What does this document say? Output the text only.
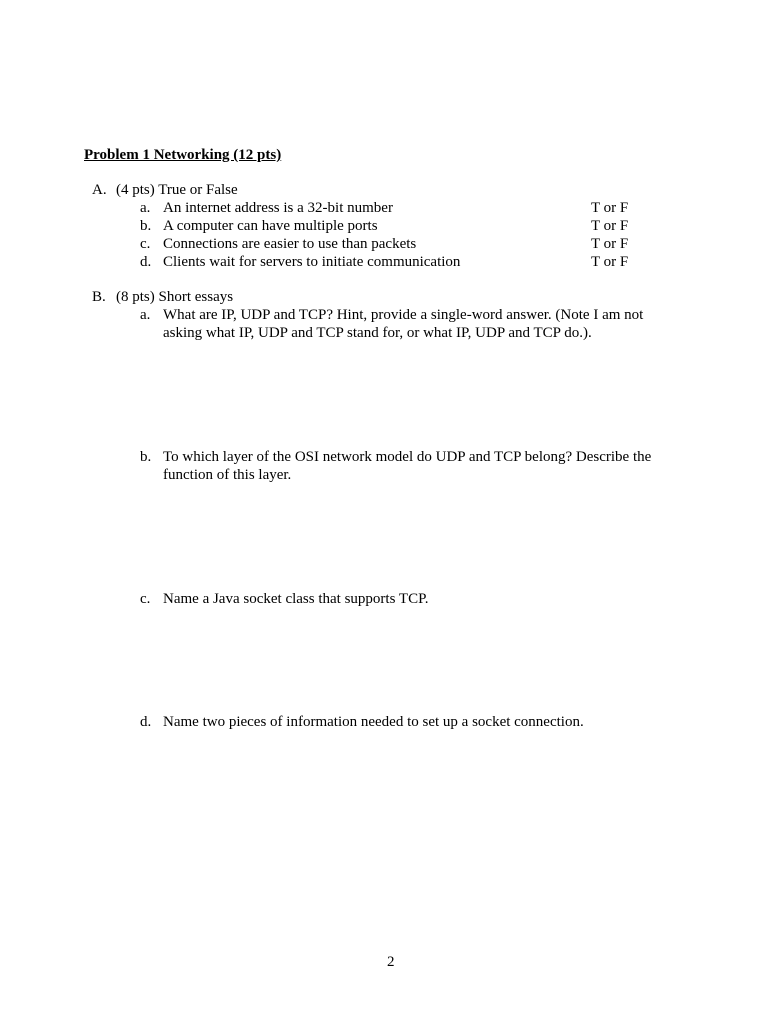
Problem 1 Networking (12 pts)
A. (4 pts) True or False
a. An internet address is a 32-bit number	T or F
b. A computer can have multiple ports	T or F
c. Connections are easier to use than packets	T or F
d. Clients wait for servers to initiate communication	T or F
B. (8 pts) Short essays
a. What are IP, UDP and TCP? Hint, provide a single-word answer. (Note I am not
asking what IP, UDP and TCP stand for, or what IP, UDP and TCP do.).
b. To which layer of the OSI network model do UDP and TCP belong? Describe the
function of this layer.
c. Name a Java socket class that supports TCP.
d. Name two pieces of information needed to set up a socket connection.
2
